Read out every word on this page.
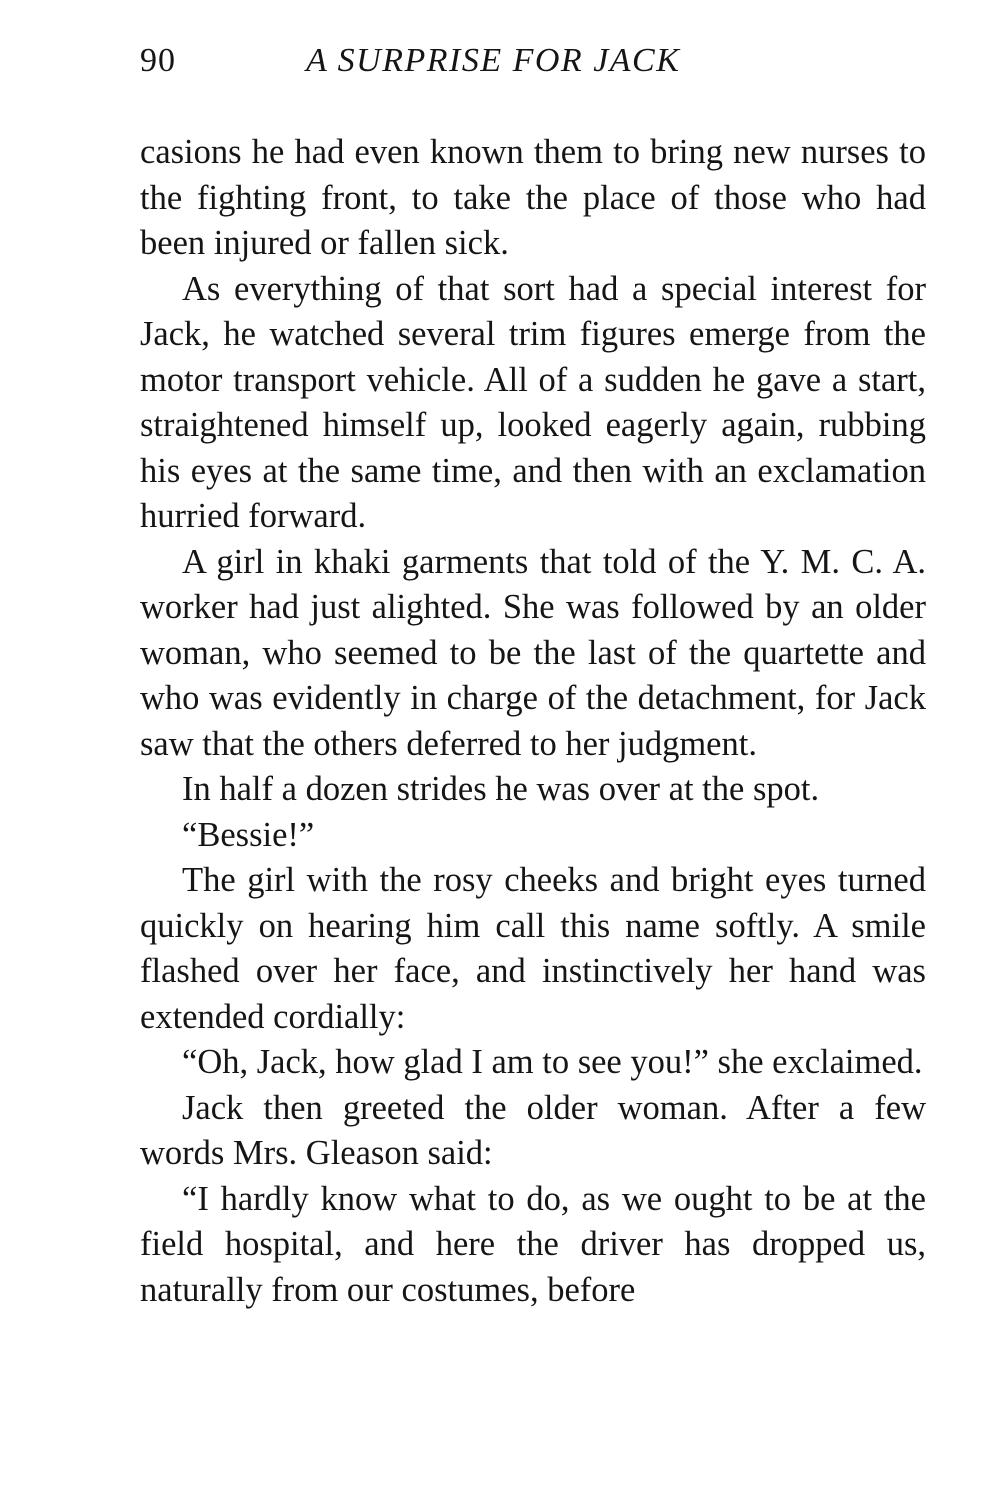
90	A SURPRISE FOR JACK

casions he had even known them to bring new nurses to the fighting front, to take the place of those who had been injured or fallen sick.

As everything of that sort had a special interest for Jack, he watched several trim figures emerge from the motor transport vehicle. All of a sudden he gave a start, straightened himself up, looked eagerly again, rubbing his eyes at the same time, and then with an exclamation hurried forward.

A girl in khaki garments that told of the Y. M. C. A. worker had just alighted. She was followed by an older woman, who seemed to be the last of the quartette and who was evidently in charge of the detachment, for Jack saw that the others deferred to her judgment.

In half a dozen strides he was over at the spot.

“Bessie!”

The girl with the rosy cheeks and bright eyes turned quickly on hearing him call this name softly. A smile flashed over her face, and instinctively her hand was extended cordially:

“Oh, Jack, how glad I am to see you!” she exclaimed.

Jack then greeted the older woman. After a few words Mrs. Gleason said:

“I hardly know what to do, as we ought to be at the field hospital, and here the driver has dropped us, naturally from our costumes, before
